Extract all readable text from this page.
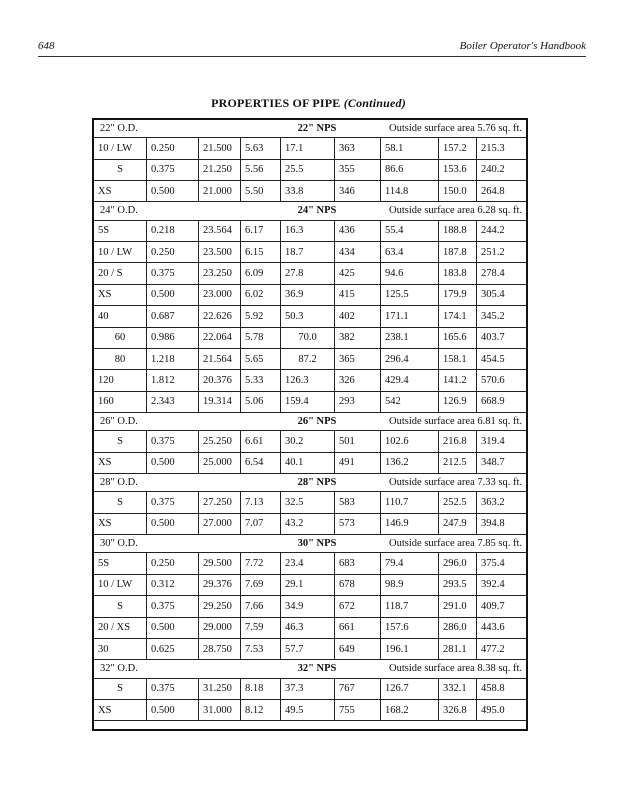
648	Boiler Operator's Handbook
PROPERTIES OF PIPE (Continued)
22" O.D.	22" NPS	Outside surface area 5.76 sq. ft.
10 / LW	0.250	21.500	5.63	17.1	363	58.1	157.2	215.3
S	0.375	21.250	5.56	25.5	355	86.6	153.6	240.2
XS	0.500	21.000	5.50	33.8	346	114.8	150.0	264.8
24" O.D.	24" NPS	Outside surface area 6.28 sq. ft.
5S	0.218	23.564	6.17	16.3	436	55.4	188.8	244.2
10 / LW	0.250	23.500	6.15	18.7	434	63.4	187.8	251.2
20 / S	0.375	23.250	6.09	27.8	425	94.6	183.8	278.4
XS	0.500	23.000	6.02	36.9	415	125.5	179.9	305.4
40	0.687	22.626	5.92	50.3	402	171.1	174.1	345.2
60	0.986	22.064	5.78	70.0	382	238.1	165.6	403.7
80	1.218	21.564	5.65	87.2	365	296.4	158.1	454.5
120	1.812	20.376	5.33	126.3	326	429.4	141.2	570.6
160	2.343	19.314	5.06	159.4	293	542	126.9	668.9
26" O.D.	26" NPS	Outside surface area 6.81 sq. ft.
S	0.375	25.250	6.61	30.2	501	102.6	216.8	319.4
XS	0.500	25.000	6.54	40.1	491	136.2	212.5	348.7
28" O.D.	28" NPS	Outside surface area 7.33 sq. ft.
S	0.375	27.250	7.13	32.5	583	110.7	252.5	363.2
XS	0.500	27.000	7.07	43.2	573	146.9	247.9	394.8
30" O.D.	30" NPS	Outside surface area 7.85 sq. ft.
5S	0.250	29.500	7.72	23.4	683	79.4	296.0	375.4
10 / LW	0.312	29.376	7.69	29.1	678	98.9	293.5	392.4
S	0.375	29.250	7.66	34.9	672	118.7	291.0	409.7
20 / XS	0.500	29.000	7.59	46.3	661	157.6	286.0	443.6
30	0.625	28.750	7.53	57.7	649	196.1	281.1	477.2
32" O.D.	32" NPS	Outside surface area 8.38 sq. ft.
S	0.375	31.250	8.18	37.3	767	126.7	332.1	458.8
XS	0.500	31.000	8.12	49.5	755	168.2	326.8	495.0
